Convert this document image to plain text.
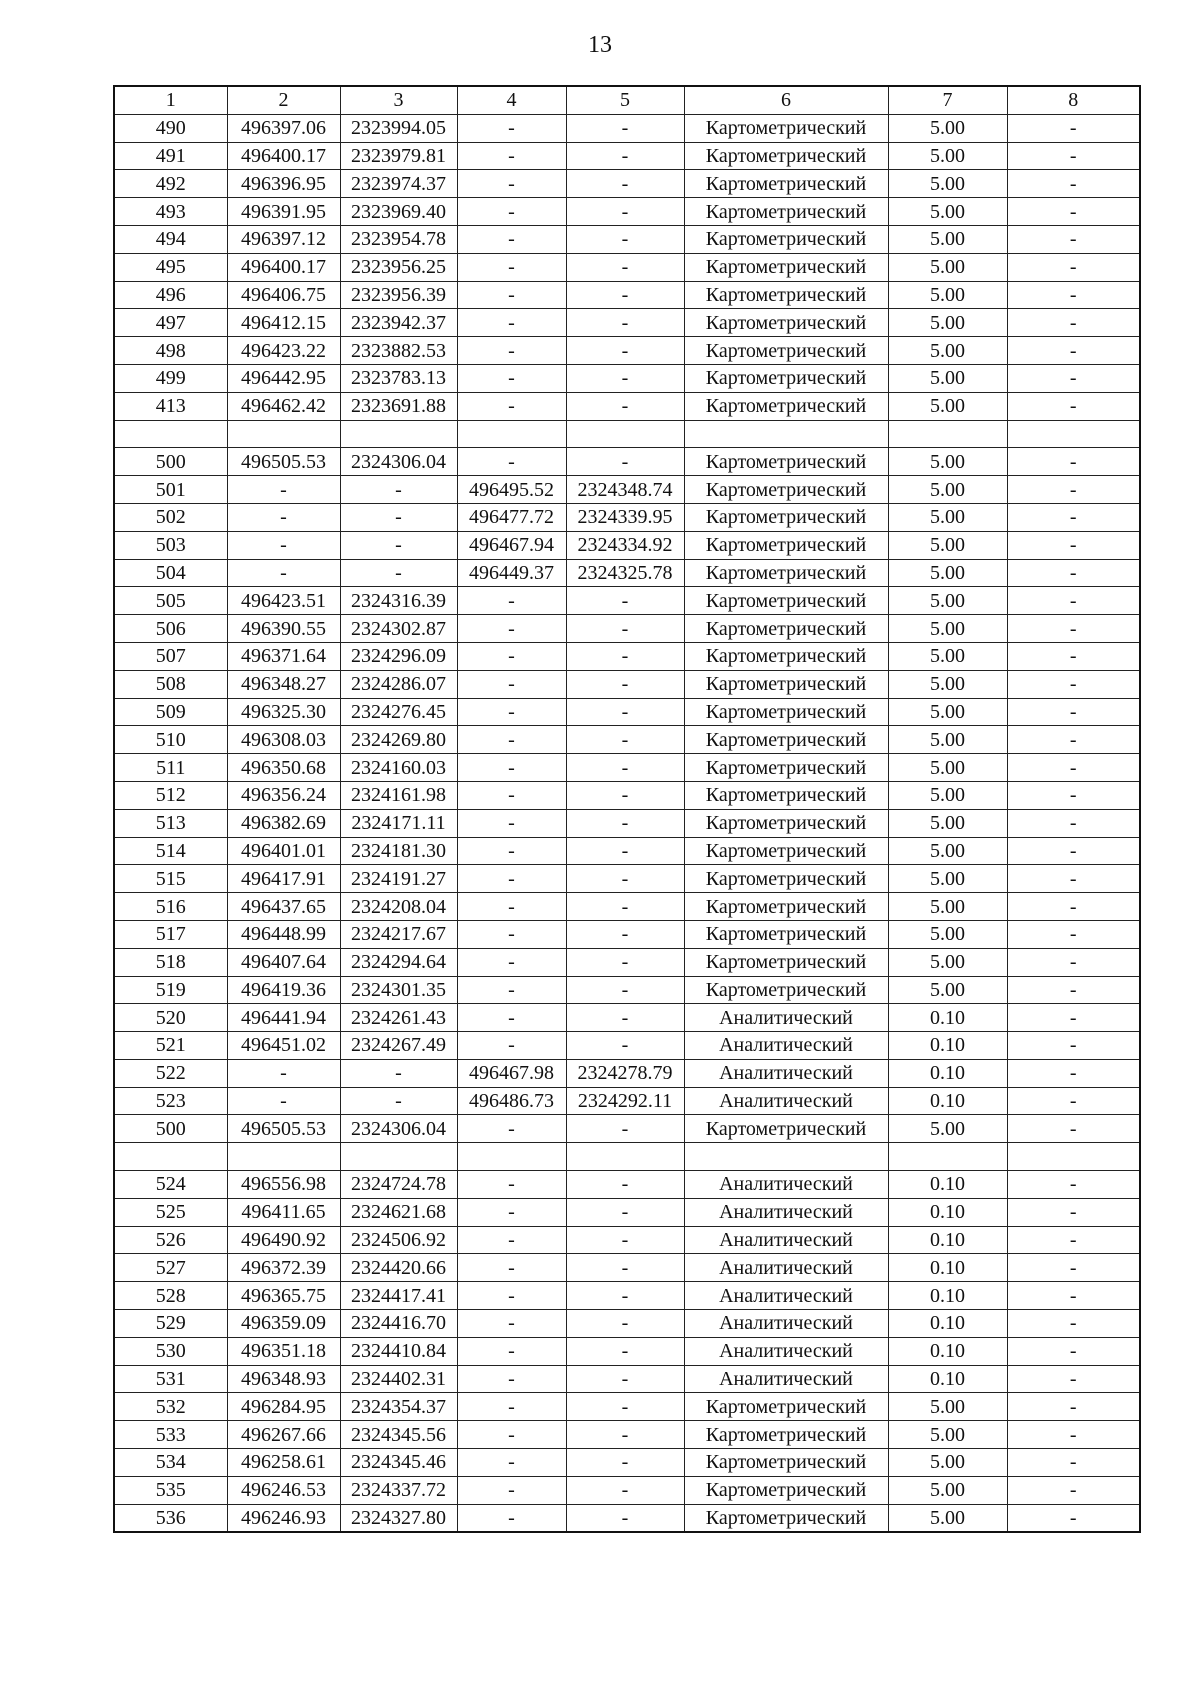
13
1	2	3	4	5	6	7	8
490	496397.06	2323994.05	-	-	Картометрический	5.00	-
491	496400.17	2323979.81	-	-	Картометрический	5.00	-
492	496396.95	2323974.37	-	-	Картометрический	5.00	-
493	496391.95	2323969.40	-	-	Картометрический	5.00	-
494	496397.12	2323954.78	-	-	Картометрический	5.00	-
495	496400.17	2323956.25	-	-	Картометрический	5.00	-
496	496406.75	2323956.39	-	-	Картометрический	5.00	-
497	496412.15	2323942.37	-	-	Картометрический	5.00	-
498	496423.22	2323882.53	-	-	Картометрический	5.00	-
499	496442.95	2323783.13	-	-	Картометрический	5.00	-
413	496462.42	2323691.88	-	-	Картометрический	5.00	-

500	496505.53	2324306.04	-	-	Картометрический	5.00	-
501	-	-	496495.52	2324348.74	Картометрический	5.00	-
502	-	-	496477.72	2324339.95	Картометрический	5.00	-
503	-	-	496467.94	2324334.92	Картометрический	5.00	-
504	-	-	496449.37	2324325.78	Картометрический	5.00	-
505	496423.51	2324316.39	-	-	Картометрический	5.00	-
506	496390.55	2324302.87	-	-	Картометрический	5.00	-
507	496371.64	2324296.09	-	-	Картометрический	5.00	-
508	496348.27	2324286.07	-	-	Картометрический	5.00	-
509	496325.30	2324276.45	-	-	Картометрический	5.00	-
510	496308.03	2324269.80	-	-	Картометрический	5.00	-
511	496350.68	2324160.03	-	-	Картометрический	5.00	-
512	496356.24	2324161.98	-	-	Картометрический	5.00	-
513	496382.69	2324171.11	-	-	Картометрический	5.00	-
514	496401.01	2324181.30	-	-	Картометрический	5.00	-
515	496417.91	2324191.27	-	-	Картометрический	5.00	-
516	496437.65	2324208.04	-	-	Картометрический	5.00	-
517	496448.99	2324217.67	-	-	Картометрический	5.00	-
518	496407.64	2324294.64	-	-	Картометрический	5.00	-
519	496419.36	2324301.35	-	-	Картометрический	5.00	-
520	496441.94	2324261.43	-	-	Аналитический	0.10	-
521	496451.02	2324267.49	-	-	Аналитический	0.10	-
522	-	-	496467.98	2324278.79	Аналитический	0.10	-
523	-	-	496486.73	2324292.11	Аналитический	0.10	-
500	496505.53	2324306.04	-	-	Картометрический	5.00	-

524	496556.98	2324724.78	-	-	Аналитический	0.10	-
525	496411.65	2324621.68	-	-	Аналитический	0.10	-
526	496490.92	2324506.92	-	-	Аналитический	0.10	-
527	496372.39	2324420.66	-	-	Аналитический	0.10	-
528	496365.75	2324417.41	-	-	Аналитический	0.10	-
529	496359.09	2324416.70	-	-	Аналитический	0.10	-
530	496351.18	2324410.84	-	-	Аналитический	0.10	-
531	496348.93	2324402.31	-	-	Аналитический	0.10	-
532	496284.95	2324354.37	-	-	Картометрический	5.00	-
533	496267.66	2324345.56	-	-	Картометрический	5.00	-
534	496258.61	2324345.46	-	-	Картометрический	5.00	-
535	496246.53	2324337.72	-	-	Картометрический	5.00	-
536	496246.93	2324327.80	-	-	Картометрический	5.00	-
